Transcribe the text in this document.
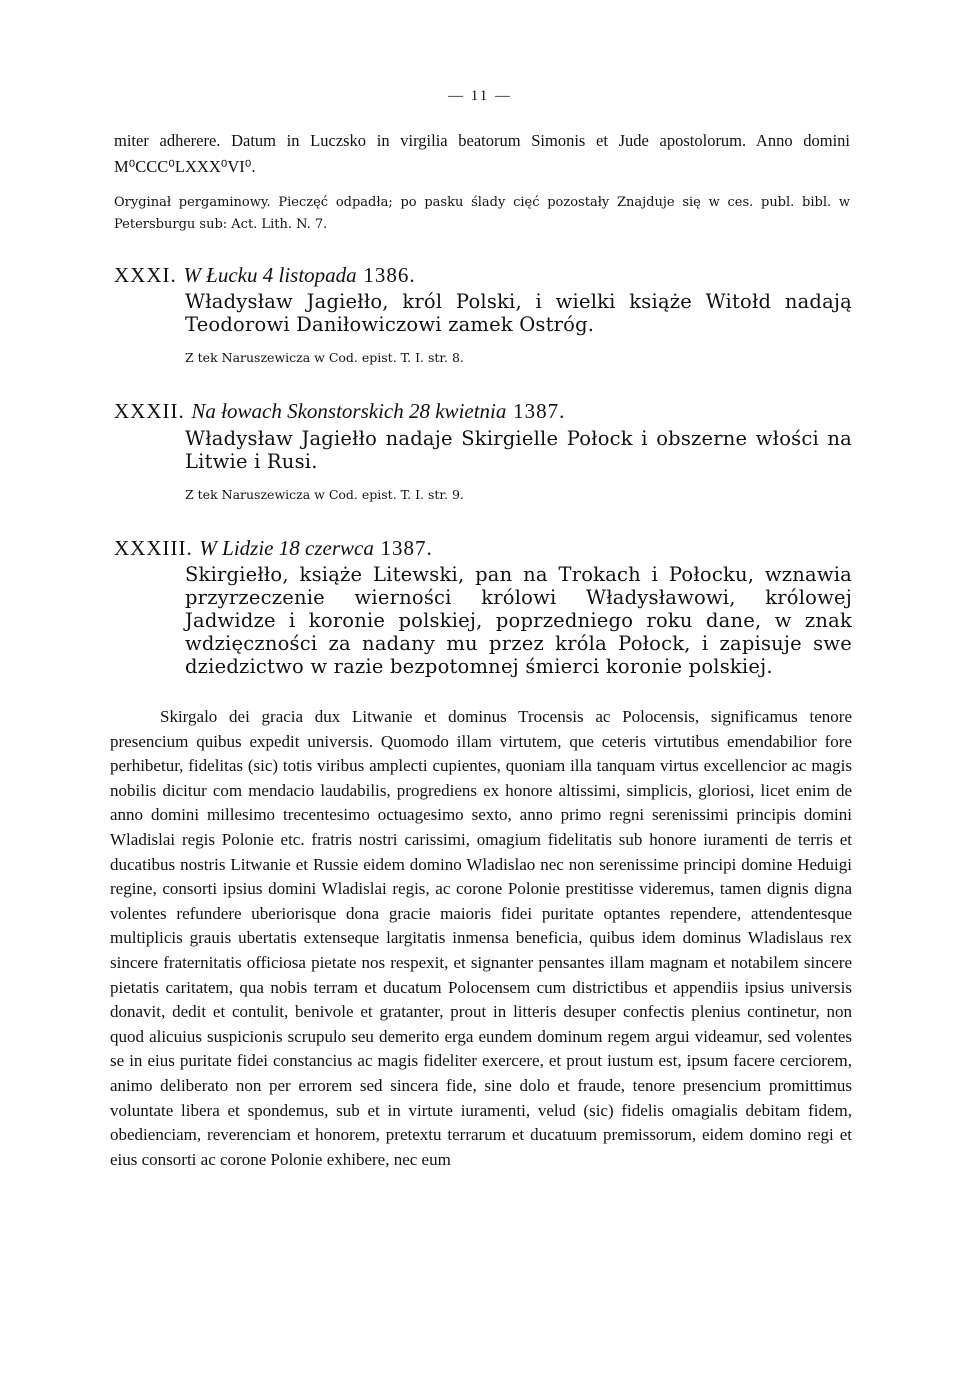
— 11 —

miter adherere. Datum in Luczsko in virgilia beatorum Simonis et Jude apostolorum. Anno domini M⁰CCC⁰LXXX⁰VI⁰.

Oryginał pergaminowy. Pieczęć odpadła; po pasku ślady cięć pozostały Znajduje się w ces. publ. bibl. w Petersburgu sub: Act. Lith. N. 7.

XXXI. W Łucku 4 listopada 1386.
Władysław Jagiełło, król Polski, i wielki książe Witołd nadają Teodorowi Daniłowiczowi zamek Ostróg.
Z tek Naruszewicza w Cod. epist. T. I. str. 8.
XXXII. Na łowach Skonstorskich 28 kwietnia 1387.
Władysław Jagiełło nadaje Skirgielle Połock i obszerne włości na Litwie i Rusi.
Z tek Naruszewicza w Cod. epist. T. I. str. 9.
XXXIII. W Lidzie 18 czerwca 1387.
Skirgiełło, książe Litewski, pan na Trokach i Połocku, wznawia przyrzeczenie wierności królowi Władysławowi, królowej Jadwidze i koronie polskiej, poprzedniego roku dane, w znak wdzięczności za nadany mu przez króla Połock, i zapisuje swe dziedzictwo w razie bezpotomnej śmierci koronie polskiej.

Skirgalo dei gracia dux Litwanie et dominus Trocensis ac Polocensis, significamus tenore presencium quibus expedit universis. Quomodo illam virtutem, que ceteris virtutibus emendabilior fore perhibetur, fidelitas (sic) totis viribus amplecti cupientes, quoniam illa tanquam virtus excellencior ac magis nobilis dicitur com mendacio laudabilis, progrediens ex honore altissimi, simplicis, gloriosi, licet enim de anno domini millesimo trecentesimo octuagesimo sexto, anno primo regni serenissimi principis domini Wladislai regis Polonie etc. fratris nostri carissimi, omagium fidelitatis sub honore iuramenti de terris et ducatibus nostris Litwanie et Russie eidem domino Wladislao nec non serenissime principi domine Heduigi regine, consorti ipsius domini Wladislai regis, ac corone Polonie prestitisse videremus, tamen dignis digna volentes refundere uberiorisque dona gracie maioris fidei puritate optantes rependere, attendentesque multiplicis grauis ubertatis extenseque largitatis inmensa beneficia, quibus idem dominus Wladislaus rex sincere fraternitatis officiosa pietate nos respexit, et signanter pensantes illam magnam et notabilem sincere pietatis caritatem, qua nobis terram et ducatum Polocensem cum districtibus et appendiis ipsius universis donavit, dedit et contulit, benivole et gratanter, prout in litteris desuper confectis plenius continetur, non quod alicuius suspicionis scrupulo seu demerito erga eundem dominum regem argui videamur, sed volentes se in eius puritate fidei constancius ac magis fideliter exercere, et prout iustum est, ipsum facere cerciorem, animo deliberato non per errorem sed sincera fide, sine dolo et fraude, tenore presencium promittimus voluntate libera et spondemus, sub et in virtute iuramenti, velud (sic) fidelis omagialis debitam fidem, obedienciam, reverenciam et honorem, pretextu terrarum et ducatuum premissorum, eidem domino regi et eius consorti ac corone Polonie exhibere, nec eum
